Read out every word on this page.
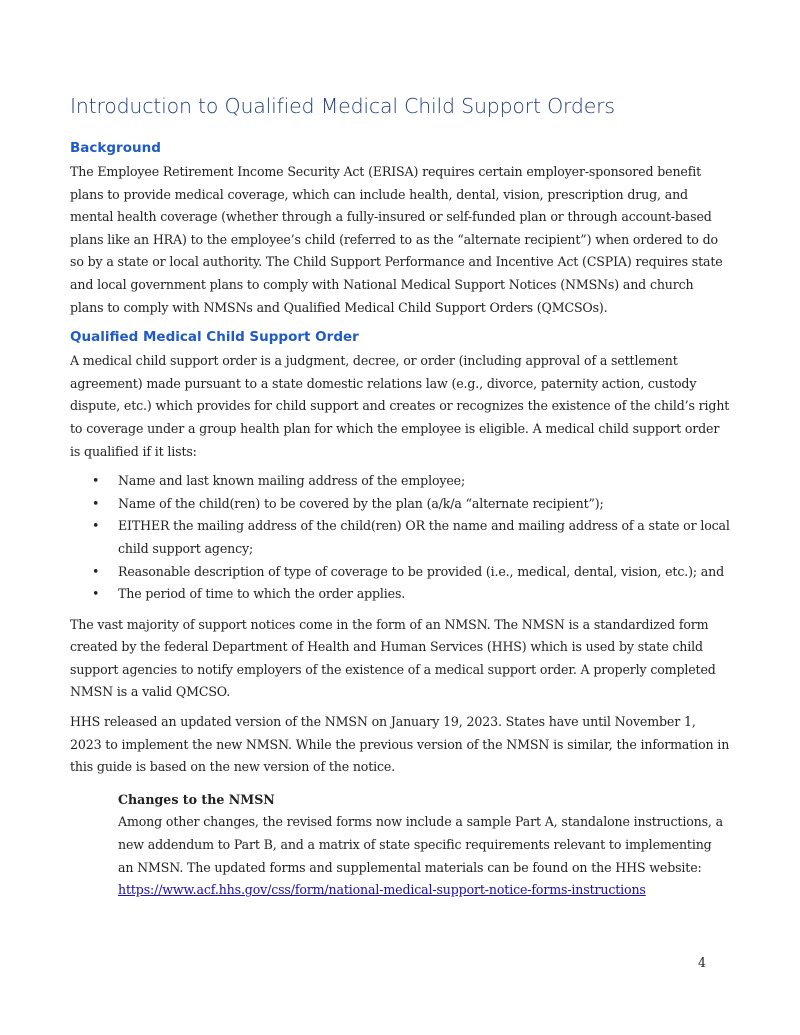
Introduction to Qualified Medical Child Support Orders
Background

The Employee Retirement Income Security Act (ERISA) requires certain employer-sponsored benefit plans to provide medical coverage, which can include health, dental, vision, prescription drug, and mental health coverage (whether through a fully-insured or self-funded plan or through account-based plans like an HRA) to the employee’s child (referred to as the “alternate recipient”) when ordered to do so by a state or local authority. The Child Support Performance and Incentive Act (CSPIA) requires state and local government plans to comply with National Medical Support Notices (NMSNs) and church plans to comply with NMSNs and Qualified Medical Child Support Orders (QMCSOs).

Qualified Medical Child Support Order

A medical child support order is a judgment, decree, or order (including approval of a settlement agreement) made pursuant to a state domestic relations law (e.g., divorce, paternity action, custody dispute, etc.) which provides for child support and creates or recognizes the existence of the child’s right to coverage under a group health plan for which the employee is eligible. A medical child support order is qualified if it lists:

• Name and last known mailing address of the employee;
• Name of the child(ren) to be covered by the plan (a/k/a “alternate recipient”);
• EITHER the mailing address of the child(ren) OR the name and mailing address of a state or local child support agency;
• Reasonable description of type of coverage to be provided (i.e., medical, dental, vision, etc.); and
• The period of time to which the order applies.

The vast majority of support notices come in the form of an NMSN. The NMSN is a standardized form created by the federal Department of Health and Human Services (HHS) which is used by state child support agencies to notify employers of the existence of a medical support order. A properly completed NMSN is a valid QMCSO.

HHS released an updated version of the NMSN on January 19, 2023. States have until November 1, 2023 to implement the new NMSN. While the previous version of the NMSN is similar, the information in this guide is based on the new version of the notice.

Changes to the NMSN

Among other changes, the revised forms now include a sample Part A, standalone instructions, a new addendum to Part B, and a matrix of state specific requirements relevant to implementing an NMSN. The updated forms and supplemental materials can be found on the HHS website:
https://www.acf.hhs.gov/css/form/national-medical-support-notice-forms-instructions

4
